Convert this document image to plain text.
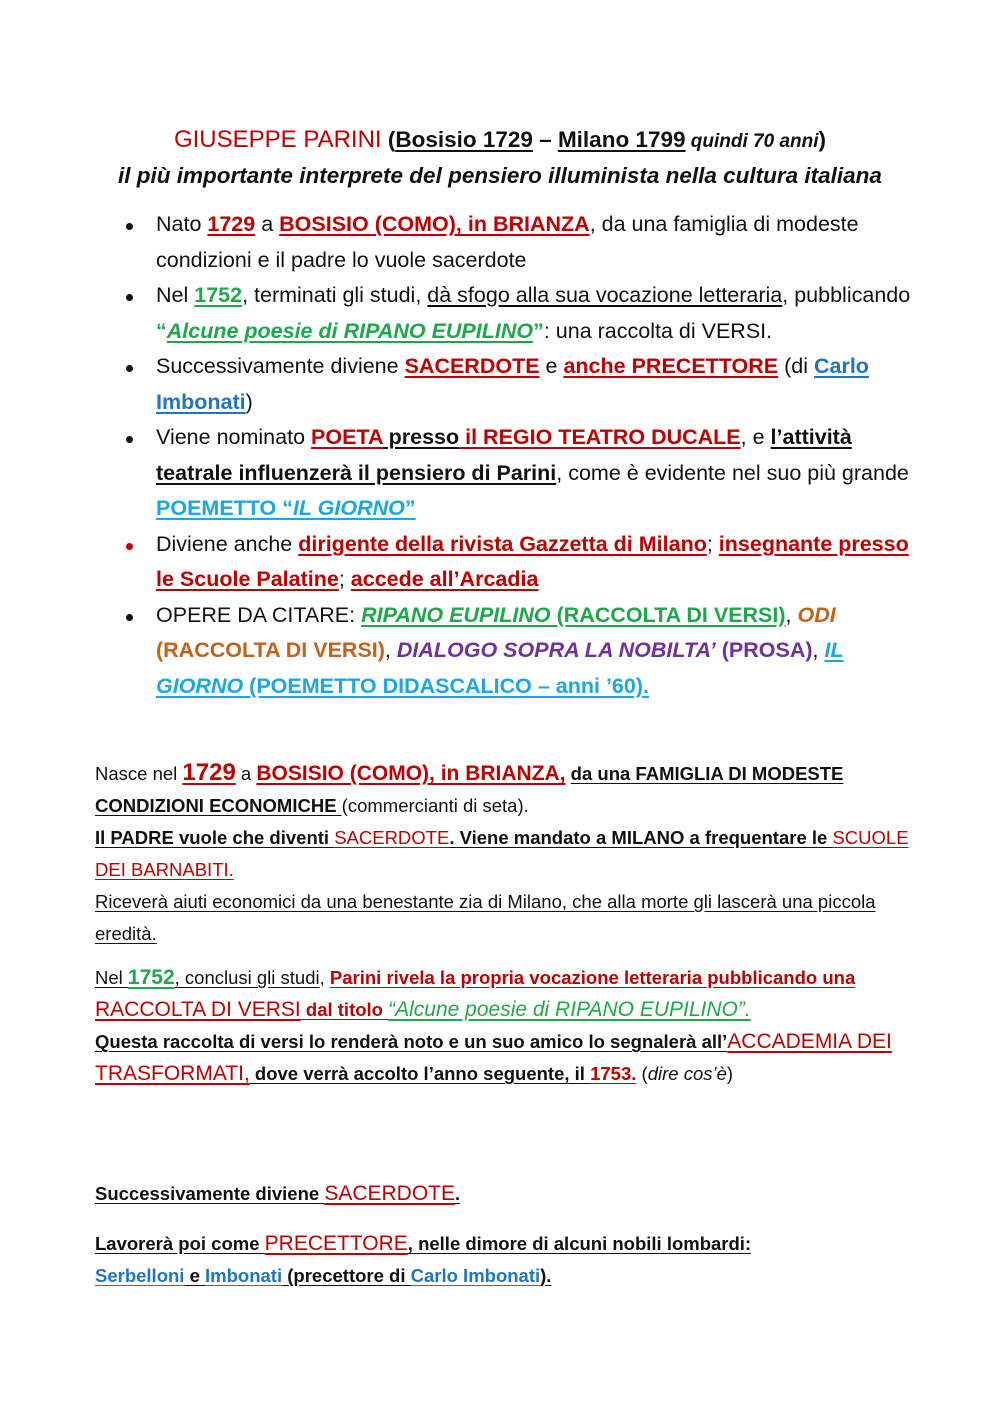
GIUSEPPE PARINI (Bosisio 1729 – Milano 1799 quindi 70 anni)
il più importante interprete del pensiero illuminista nella cultura italiana
Nato 1729 a BOSISIO (COMO), in BRIANZA, da una famiglia di modeste condizioni e il padre lo vuole sacerdote
Nel 1752, terminati gli studi, dà sfogo alla sua vocazione letteraria, pubblicando “Alcune poesie di RIPANO EUPILINO”: una raccolta di VERSI.
Successivamente diviene SACERDOTE e anche PRECETTORE (di Carlo Imbonati)
Viene nominato POETA presso il REGIO TEATRO DUCALE, e l’attività teatrale influenzerà il pensiero di Parini, come è evidente nel suo più grande POEMETTO “IL GIORNO”
Diviene anche dirigente della rivista Gazzetta di Milano; insegnante presso le Scuole Palatine; accede all’Arcadia
OPERE DA CITARE: RIPANO EUPILINO (RACCOLTA DI VERSI), ODI (RACCOLTA DI VERSI), DIALOGO SOPRA LA NOBILTA’ (PROSA), IL GIORNO (POEMETTO DIDASCALICO – anni ’60).
Nasce nel 1729 a BOSISIO (COMO), in BRIANZA, da una FAMIGLIA DI MODESTE CONDIZIONI ECONOMICHE (commercianti di seta).
Il PADRE vuole che diventi SACERDOTE. Viene mandato a MILANO a frequentare le SCUOLE DEI BARNABITI.
Riceverà aiuti economici da una benestante zia di Milano, che alla morte gli lascerà una piccola eredità.
Nel 1752, conclusi gli studi, Parini rivela la propria vocazione letteraria pubblicando una RACCOLTA DI VERSI dal titolo “Alcune poesie di RIPANO EUPILINO”.
Questa raccolta di versi lo renderà noto e un suo amico lo segnalerà all’ACCADEMIA DEI TRASFORMATI, dove verrà accolto l’anno seguente, il 1753. (dire cos’è)
Successivamente diviene SACERDOTE.
Lavorerà poi come PRECETTORE, nelle dimore di alcuni nobili lombardi:
Serbelloni e Imbonati (precettore di Carlo Imbonati).
